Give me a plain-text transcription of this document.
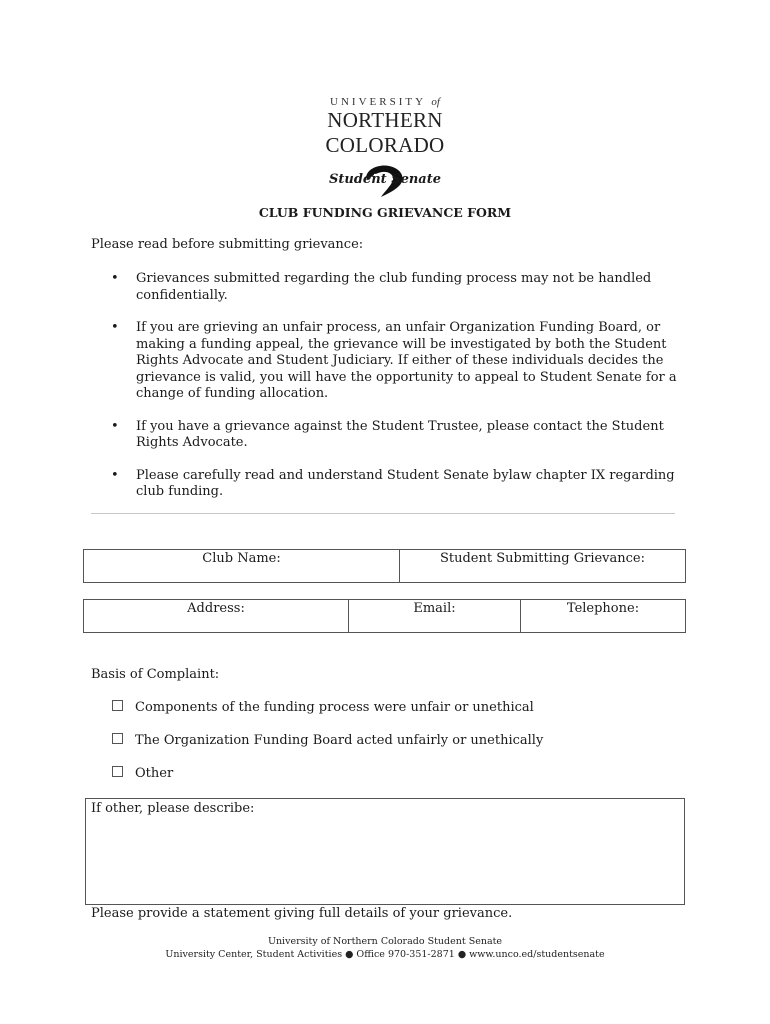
UNIVERSITY of
NORTHERN COLORADO
Student Senate
CLUB FUNDING GRIEVANCE FORM
Please read before submitting grievance:
• Grievances submitted regarding the club funding process may not be handled confidentially.
• If you are grieving an unfair process, an unfair Organization Funding Board, or making a funding appeal, the grievance will be investigated by both the Student Rights Advocate and Student Judiciary. If either of these individuals decides the grievance is valid, you will have the opportunity to appeal to Student Senate for a change of funding allocation.
• If you have a grievance against the Student Trustee, please contact the Student Rights Advocate.
• Please carefully read and understand Student Senate bylaw chapter IX regarding club funding.
Club Name:	Student Submitting Grievance:
Address:	Email:	Telephone:
Basis of Complaint:
Components of the funding process were unfair or unethical
The Organization Funding Board acted unfairly or unethically
Other
If other, please describe:
Please provide a statement giving full details of your grievance.
University of Northern Colorado Student Senate
University Center, Student Activities ● Office 970-351-2871 ● www.unco.ed/studentsenate
